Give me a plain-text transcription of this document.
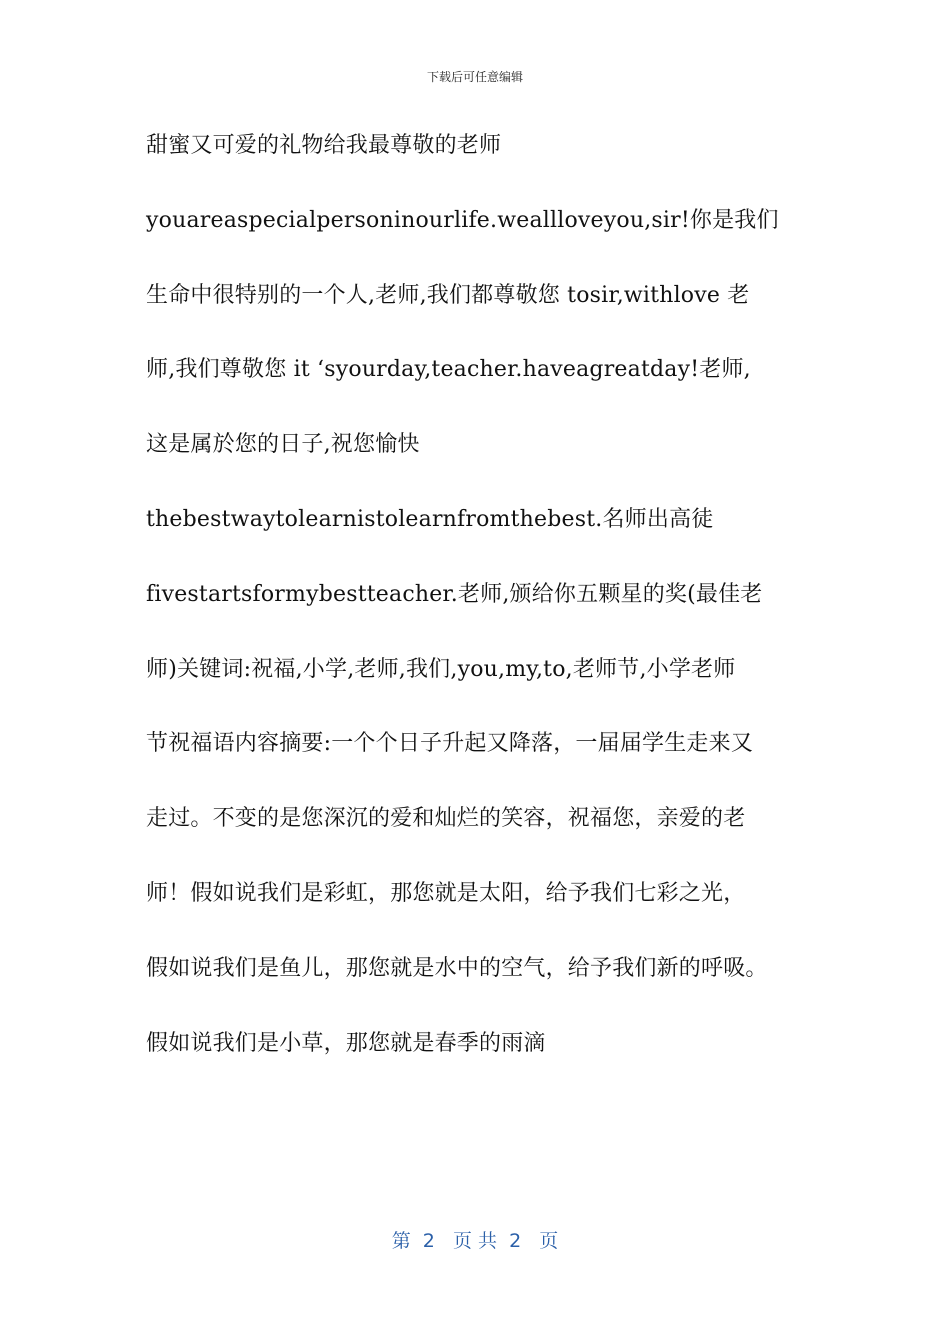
下载后可任意编辑
甜蜜又可爱的礼物给我最尊敬的老师
youareaspecialpersoninourlife.weallloveyou,sir!你是我们
生命中很特别的一个人,老师,我们都尊敬您 tosir,withlove 老
师,我们尊敬您 it ‘syourday,teacher.haveagreatday!老师,
这是属於您的日子,祝您愉快
thebestwaytolearnistolearnfromthebest.名师出高徒
fivestartsformybestteacher.老师,颁给你五颗星的奖(最佳老
师)关键词:祝福,小学,老师,我们,you,my,to,老师节,小学老师
节祝福语内容摘要:一个个日子升起又降落，一届届学生走来又
走过。不变的是您深沉的爱和灿烂的笑容，祝福您，亲爱的老
师！假如说我们是彩虹，那您就是太阳，给予我们七彩之光，
假如说我们是鱼儿，那您就是水中的空气，给予我们新的呼吸。
假如说我们是小草，那您就是春季的雨滴
第  2   页 共  2   页
